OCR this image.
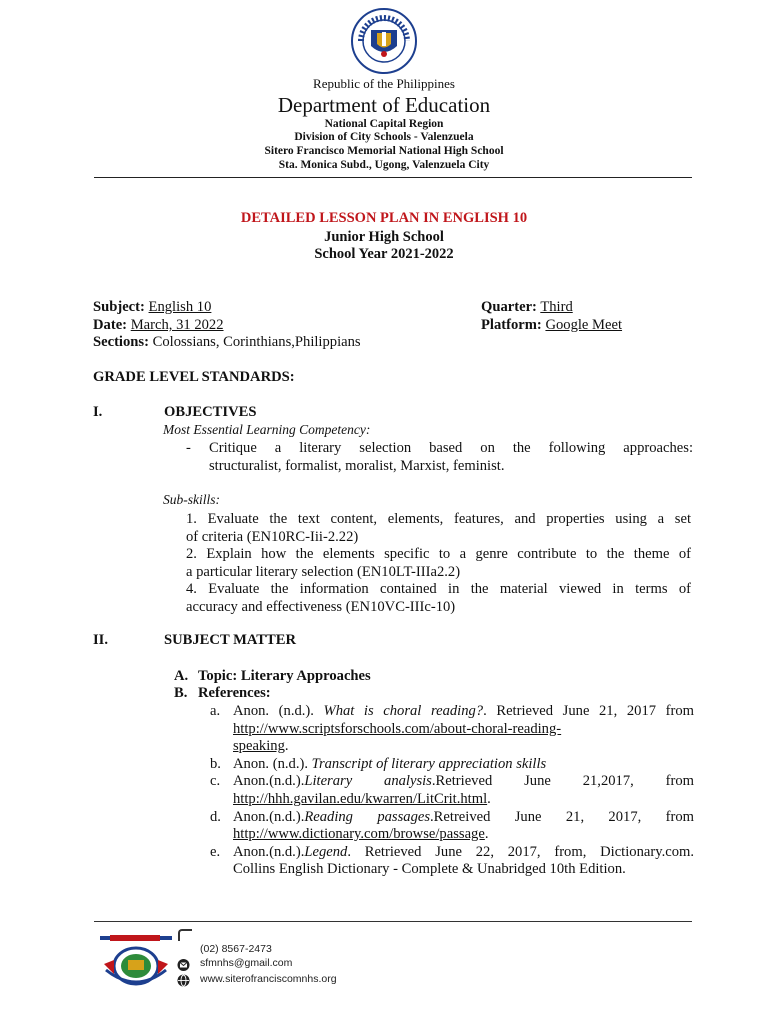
Republic of the Philippines
Department of Education
National Capital Region
Division of City Schools - Valenzuela
Sitero Francisco Memorial National High School
Sta. Monica Subd., Ugong, Valenzuela City
DETAILED LESSON PLAN IN ENGLISH 10
Junior High School
School Year 2021-2022
Subject: English 10
Date: March, 31 2022
Sections: Colossians, Corinthians,Philippians
Quarter: Third
Platform: Google Meet
GRADE LEVEL STANDARDS:
I.	OBJECTIVES
Most Essential Learning Competency:
- Critique a literary selection based on the following approaches:
structuralist, formalist, moralist, Marxist, feminist.
Sub-skills:
1. Evaluate the text content, elements, features, and properties using a set
of criteria (EN10RC-Iii-2.22)
2. Explain how the elements specific to a genre contribute to the theme of
a particular literary selection (EN10LT-IIIa2.2)
4. Evaluate the information contained in the material viewed in terms of
accuracy and effectiveness (EN10VC-IIIc-10)
II.	SUBJECT MATTER
A. Topic: Literary Approaches
B. References:
a. Anon. (n.d.). What is choral reading?. Retrieved June 21, 2017 from
http://www.scriptsforschools.com/about-choral-reading-
speaking.
b. Anon. (n.d.). Transcript of literary appreciation skills
c. Anon.(n.d.).Literary analysis.Retrieved June 21,2017, from
http://hhh.gavilan.edu/kwarren/LitCrit.html.
d. Anon.(n.d.).Reading passages.Retreived June 21, 2017, from
http://www.dictionary.com/browse/passage.
e. Anon.(n.d.).Legend. Retrieved June 22, 2017, from, Dictionary.com.
Collins English Dictionary - Complete & Unabridged 10th Edition.
(02) 8567-2473
sfmnhs@gmail.com
www.siterofranciscomnhs.org
